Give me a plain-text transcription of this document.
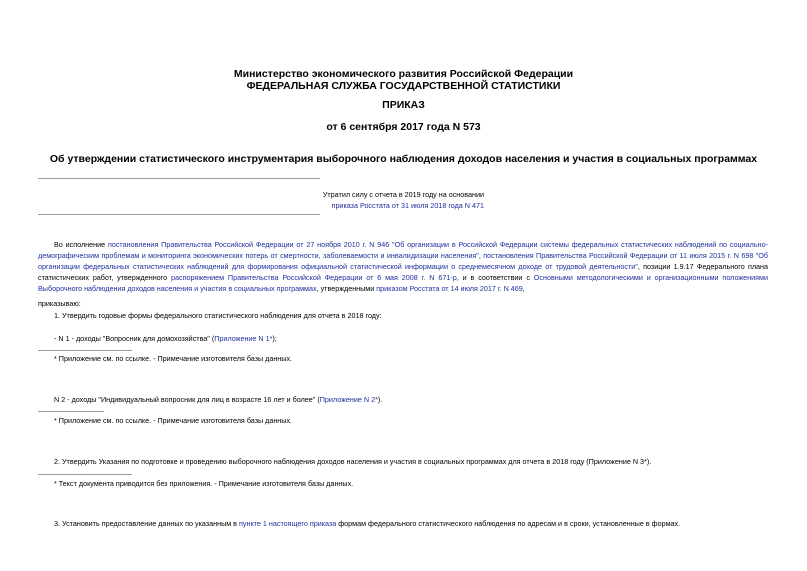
Министерство экономического развития Российской Федерации
ФЕДЕРАЛЬНАЯ СЛУЖБА ГОСУДАРСТВЕННОЙ СТАТИСТИКИ
ПРИКАЗ
от 6 сентября 2017 года N 573
Об утверждении статистического инструментария выборочного наблюдения доходов населения и участия в социальных программах
Утратил силу с отчета в 2019 году на основании
приказа Росстата от 31 июля 2018 года N 471
Во исполнение постановления Правительства Российской Федерации от 27 ноября 2010 г. N 946 "Об организации в Российской Федерации системы федеральных статистических наблюдений по социально-демографическим проблемам и мониторинга экономических потерь от смертности, заболеваемости и инвалидизации населения", постановления Правительства Российской Федерации от 11 июля 2015 г. N 698 "Об организации федеральных статистических наблюдений для формирования официальной статистической информации о среднемесячном доходе от трудовой деятельности", позиции 1.9.17 Федерального плана статистических работ, утвержденного распоряжением Правительства Российской Федерации от 6 мая 2008 г. N 671-р, и в соответствии с Основными методологическими и организационными положениями Выборочного наблюдения доходов населения и участия в социальных программах, утвержденными приказом Росстата от 14 июля 2017 г. N 469,
приказываю:
1. Утвердить годовые формы федерального статистического наблюдения для отчета в 2018 году:
- N 1 - доходы "Вопросник для домохозяйства" (Приложение N 1*);
* Приложение см. по ссылке. - Примечание изготовителя базы данных.
N 2 - доходы "Индивидуальный вопросник для лиц в возрасте 16 лет и более" (Приложение N 2*).
* Приложение см. по ссылке. - Примечание изготовителя базы данных.
2. Утвердить Указания по подготовке и проведению выборочного наблюдения доходов населения и участия в социальных программах для отчета в 2018 году (Приложение N 3*).
* Текст документа приводится без приложения. - Примечание изготовителя базы данных.
3. Установить предоставление данных по указанным в пункте 1 настоящего приказа формам федерального статистического наблюдения по адресам и в сроки, установленные в формах.
